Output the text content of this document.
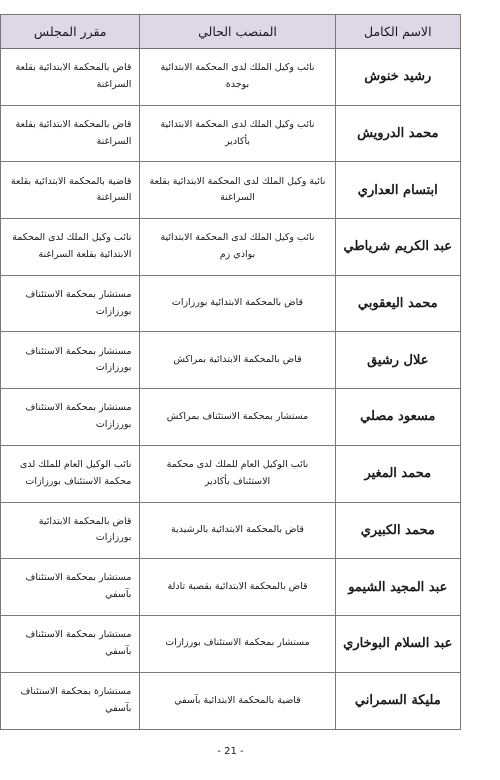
الاسم الكامل
المنصب الحالي
مقرر المجلس
رشيد خنوش
نائب وكيل الملك لدى المحكمة الابتدائية بوجدة
قاض بالمحكمة الابتدائية بقلعة السراغنة
محمد الدرويش
نائب وكيل الملك لدى المحكمة الابتدائية بأكادير
قاض بالمحكمة الابتدائية بقلعة السراغنة
ابتسام العداري
نائبة وكيل الملك لدى المحكمة الابتدائية بقلعة السراغنة
قاضية بالمحكمة الابتدائية بقلعة السراغنة
عبد الكريم شرياطي
نائب وكيل الملك لدى المحكمة الابتدائية بوادي زم
نائب وكيل الملك لدى المحكمة الابتدائية بقلعة السراغنة
محمد اليعقوبي
قاض بالمحكمة الابتدائية بورزازات
مستشار بمحكمة الاستئناف بورزازات
علال رشيق
قاض بالمحكمة الابتدائية بمراكش
مستشار بمحكمة الاستئناف بورزازات
مسعود مصلي
مستشار بمحكمة الاستئناف بمراكش
مستشار بمحكمة الاستئناف بورزازات
محمد المغير
نائب الوكيل العام للملك لدى محكمة الاستئناف بأكادير
نائب الوكيل العام للملك لدى محكمة الاستئناف بورزازات
محمد الكبيري
قاض بالمحكمة الابتدائية بالرشيدية
قاض بالمحكمة الابتدائية بورزازات
عبد المجيد الشيمو
قاض بالمحكمة الابتدائية بقصبة تادلة
مستشار بمحكمة الاستئناف بآسفي
عبد السلام البوخاري
مستشار بمحكمة الاستئناف بورزازات
مستشار بمحكمة الاستئناف بآسفي
مليكة السمراني
قاضية بالمحكمة الابتدائية بآسفي
مستشارة بمحكمة الاستئناف بآسفي
- 21 -
